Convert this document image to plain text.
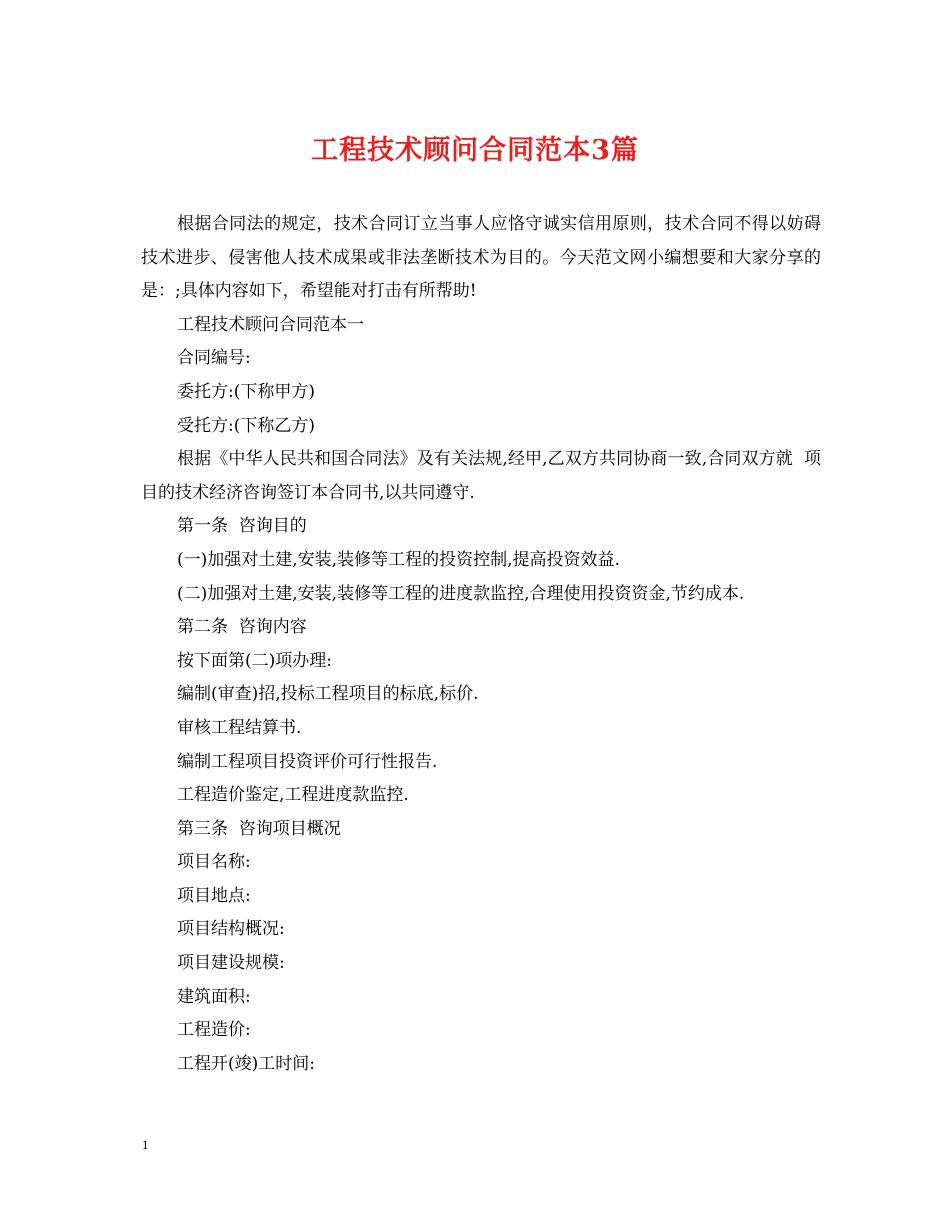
工程技术顾问合同范本3篇

根据合同法的规定，技术合同订立当事人应恪守诚实信用原则，技术合同不得以妨碍技术进步、侵害他人技术成果或非法垄断技术为目的。今天范文网小编想要和大家分享的是：;具体内容如下，希望能对打击有所帮助!

工程技术顾问合同范本一

合同编号:

委托方:(下称甲方)

受托方:(下称乙方)

根据《中华人民共和国合同法》及有关法规,经甲,乙双方共同协商一致,合同双方就  项目的技术经济咨询签订本合同书,以共同遵守.

第一条  咨询目的

(一)加强对土建,安装,装修等工程的投资控制,提高投资效益.

(二)加强对土建,安装,装修等工程的进度款监控,合理使用投资资金,节约成本.

第二条  咨询内容

按下面第(二)项办理:

编制(审查)招,投标工程项目的标底,标价.

审核工程结算书.

编制工程项目投资评价可行性报告.

工程造价鉴定,工程进度款监控.

第三条  咨询项目概况

项目名称:

项目地点:

项目结构概况:

项目建设规模:

建筑面积:

工程造价:

工程开(竣)工时间:

1
